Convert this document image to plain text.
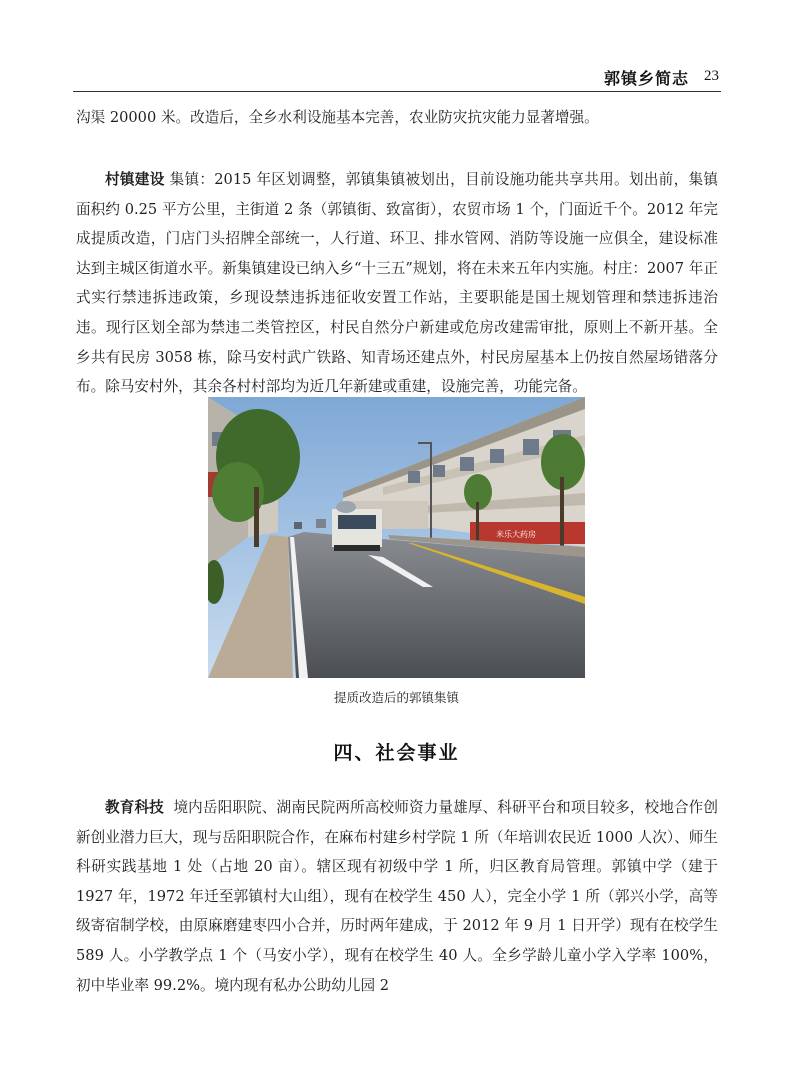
郭镇乡简志 23

沟渠 20000 米。改造后，全乡水利设施基本完善，农业防灾抗灾能力显著增强。

村镇建设 集镇：2015 年区划调整，郭镇集镇被划出，目前设施功能共享共用。划出前，集镇面积约 0.25 平方公里，主街道 2 条（郭镇街、致富街），农贸市场 1 个，门面近千个。2012 年完成提质改造，门店门头招牌全部统一，人行道、环卫、排水管网、消防等设施一应俱全，建设标准达到主城区街道水平。新集镇建设已纳入乡“十三五”规划，将在未来五年内实施。村庄：2007 年正式实行禁违拆违政策，乡现设禁违拆违征收安置工作站，主要职能是国土规划管理和禁违拆违治违。现行区划全部为禁违二类管控区，村民自然分户新建或危房改建需审批，原则上不新开基。全乡共有民房 3058 栋，除马安村武广铁路、知青场还建点外，村民房屋基本上仍按自然屋场错落分布。除马安村外，其余各村村部均为近几年新建或重建，设施完善，功能完备。

米乐大药房
提质改造后的郭镇集镇
四、社会事业

教育科技 境内岳阳职院、湖南民院两所高校师资力量雄厚、科研平台和项目较多，校地合作创新创业潜力巨大，现与岳阳职院合作，在麻布村建乡村学院 1 所（年培训农民近 1000 人次）、师生科研实践基地 1 处（占地 20 亩）。辖区现有初级中学 1 所，归区教育局管理。郭镇中学（建于 1927 年，1972 年迁至郭镇村大山组），现有在校学生 450 人），完全小学 1 所（郭兴小学，高等级寄宿制学校，由原麻磨建枣四小合并，历时两年建成，于 2012 年 9 月 1 日开学）现有在校学生 589 人。小学教学点 1 个（马安小学），现有在校学生 40 人。全乡学龄儿童小学入学率 100%，初中毕业率 99.2%。境内现有私办公助幼儿园 2
